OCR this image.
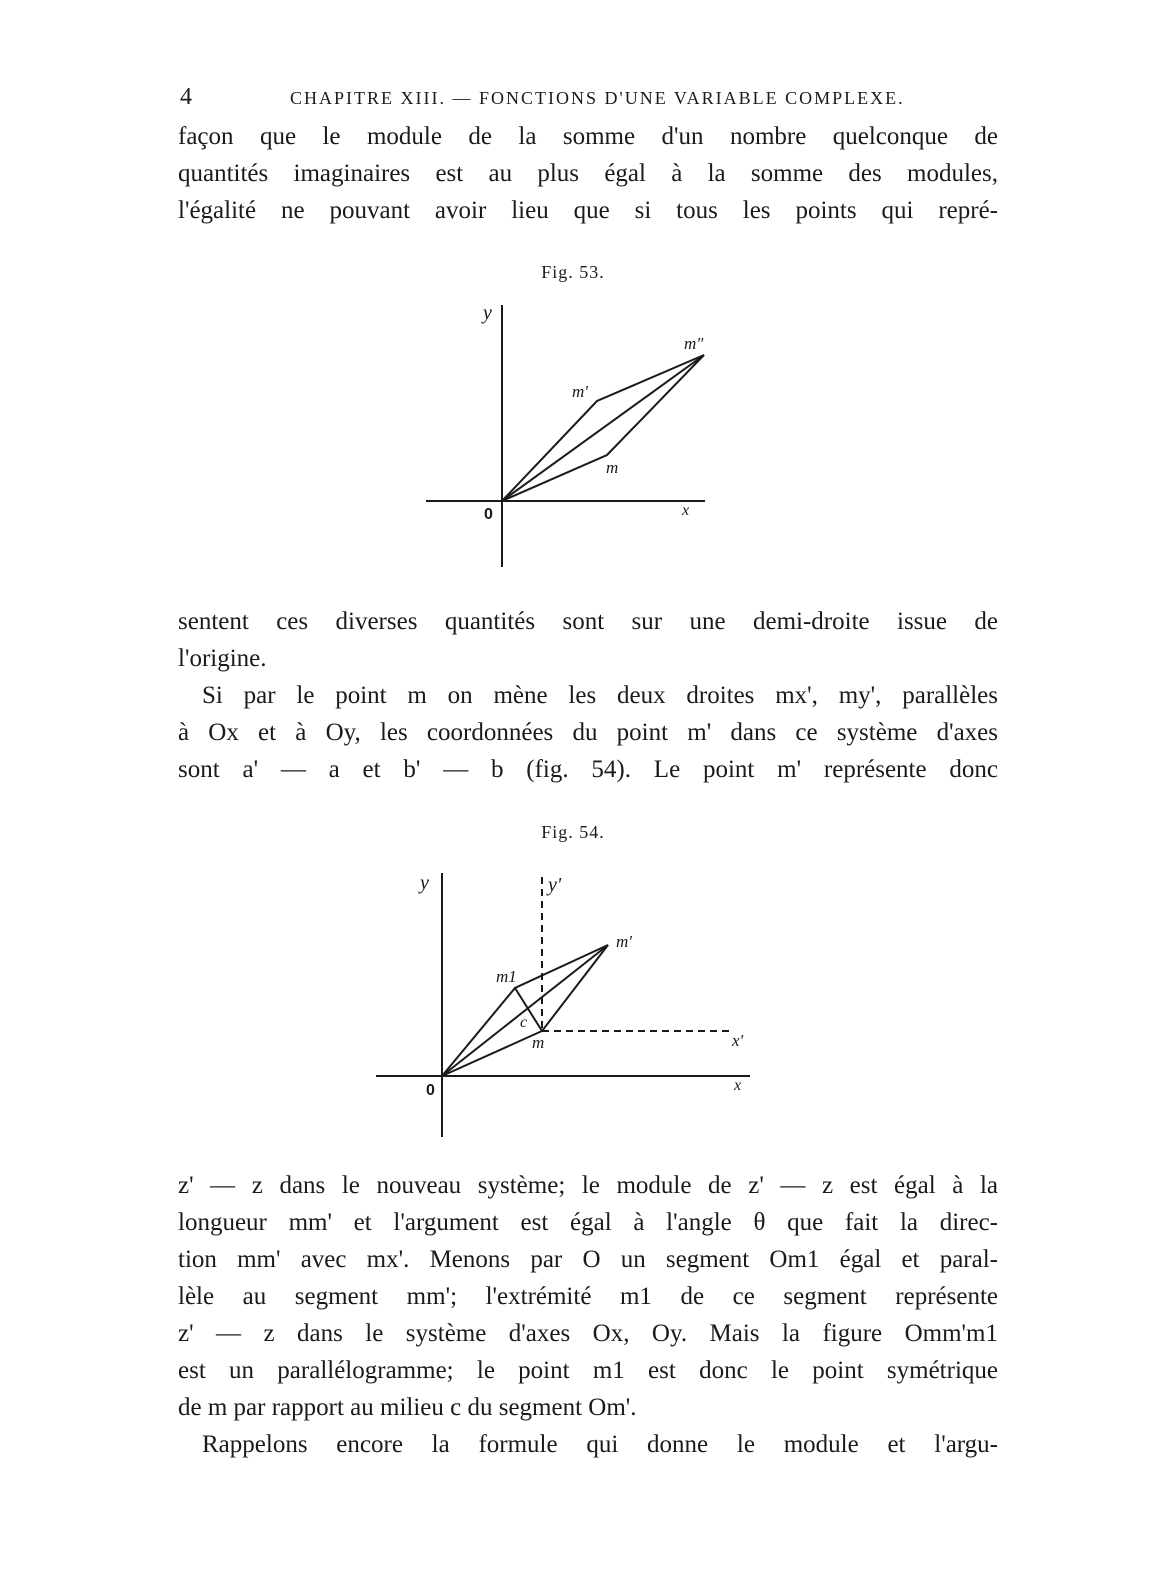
4	CHAPITRE XIII. — FONCTIONS D'UNE VARIABLE COMPLEXE.
façon que le module de la somme d'un nombre quelconque de
quantités imaginaires est au plus égal à la somme des modules,
l'égalité ne pouvant avoir lieu que si tous les points qui repré-
Fig. 53.
y
x
0
m
m'
m"
sentent ces diverses quantités sont sur une demi-droite issue de
l'origine.
Si par le point m on mène les deux droites mx', my', parallèles
à Ox et à Oy, les coordonnées du point m' dans ce système d'axes
sont a' — a et b' — b (fig. 54). Le point m' représente donc
Fig. 54.
y	y'
x
x'
0
m
m'
m1
c
z' — z dans le nouveau système; le module de z' — z est égal à la
longueur mm' et l'argument est égal à l'angle θ que fait la direc-
tion mm' avec mx'. Menons par O un segment Om1 égal et paral-
lèle au segment mm'; l'extrémité m1 de ce segment représente
z' — z dans le système d'axes Ox, Oy. Mais la figure Omm'm1
est un parallélogramme; le point m1 est donc le point symétrique
de m par rapport au milieu c du segment Om'.
Rappelons encore la formule qui donne le module et l'argu-
